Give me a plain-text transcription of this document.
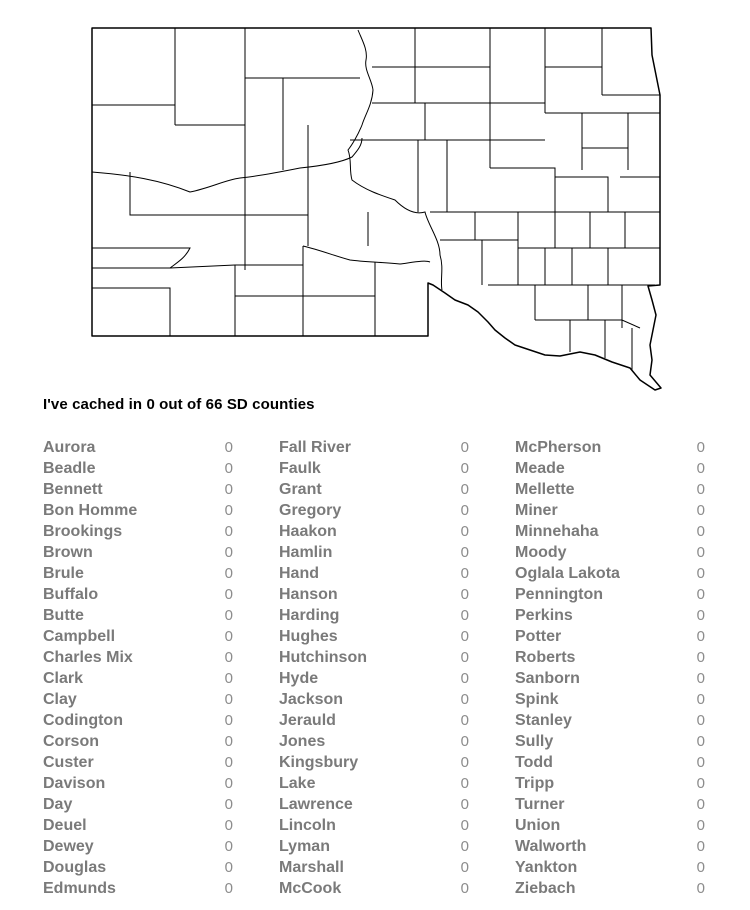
I've cached in 0 out of 66 SD counties
Aurora	0
Beadle	0
Bennett	0
Bon Homme	0
Brookings	0
Brown	0
Brule	0
Buffalo	0
Butte	0
Campbell	0
Charles Mix	0
Clark	0
Clay	0
Codington	0
Corson	0
Custer	0
Davison	0
Day	0
Deuel	0
Dewey	0
Douglas	0
Edmunds	0
Fall River	0
Faulk	0
Grant	0
Gregory	0
Haakon	0
Hamlin	0
Hand	0
Hanson	0
Harding	0
Hughes	0
Hutchinson	0
Hyde	0
Jackson	0
Jerauld	0
Jones	0
Kingsbury	0
Lake	0
Lawrence	0
Lincoln	0
Lyman	0
Marshall	0
McCook	0
McPherson	0
Meade	0
Mellette	0
Miner	0
Minnehaha	0
Moody	0
Oglala Lakota	0
Pennington	0
Perkins	0
Potter	0
Roberts	0
Sanborn	0
Spink	0
Stanley	0
Sully	0
Todd	0
Tripp	0
Turner	0
Union	0
Walworth	0
Yankton	0
Ziebach	0
